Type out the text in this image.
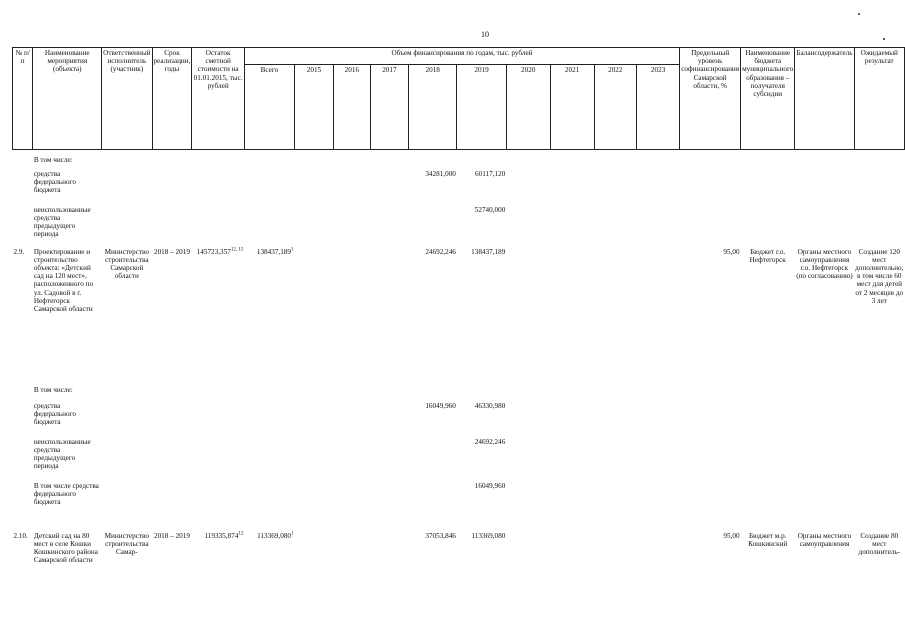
10
№ п/п	Наименование мероприятия (объекта)	Ответственный исполнитель (участник)	Срок реализации, годы	Остаток сметной стоимости на 01.01.2015, тыс. рублей	Объем финансирования по годам, тыс. рублей										Предельный уровень софинансирования Самарской области, %	Наименование бюджета муниципального образования – получателя субсидии	Балансодержатель	Ожидаемый результат
					Всего	2015	2016	2017	2018	2019	2020	2021	2022	2023				
	В том числе:																	
	средства федерального бюджета								34281,000	60117,120								
	неиспользованные средства предыдущего периода									52740,000								
2.9.	Проектирование и строительство объекта: «Детский сад на 120 мест», расположенного по ул. Садовой в г. Нефтегорск Самарской области	Министерство строительства Самарской области	2018 – 2019	145723,357$^{12, 15}$	138437,189$^1$				24692,246	138437,189					95,00	Бюджет г.о. Нефтегорск	Органы местного самоуправления г.о. Нефтегорск (по согласованию)	Создание 120 мест дополнительно, в том числе 60 мест для детей от 2 месяцев до 3 лет
	В том числе:																	
	средства федерального бюджета								16049,960	46330,980								
	неиспользованные средства предыдущего периода									24692,246								
	В том числе средства федерального бюджета									16049,960								
2.10.	Детский сад на 80 мест в селе Кошки Кошкинского района Самарской области	Министерство строительства Самар-	2018 – 2019	119335,874$^{12}$	113369,080$^1$				37053,846	113369,080					95,00	Бюджет м.р. Кошкинский	Органы местного самоуправления	Создание 80 мест дополнитель-
